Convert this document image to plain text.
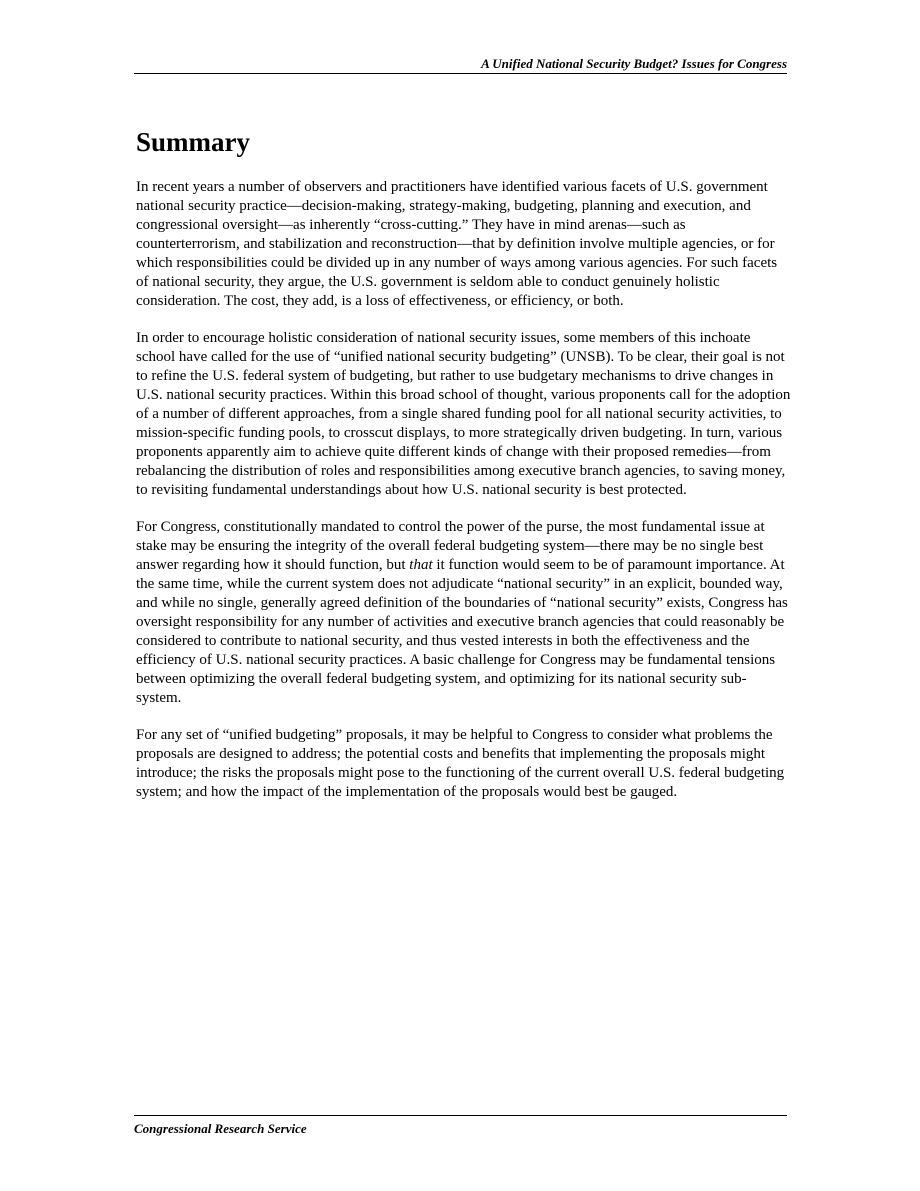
A Unified National Security Budget? Issues for Congress
Summary

In recent years a number of observers and practitioners have identified various facets of U.S. government national security practice—decision-making, strategy-making, budgeting, planning and execution, and congressional oversight—as inherently “cross-cutting.” They have in mind arenas—such as counterterrorism, and stabilization and reconstruction—that by definition involve multiple agencies, or for which responsibilities could be divided up in any number of ways among various agencies. For such facets of national security, they argue, the U.S. government is seldom able to conduct genuinely holistic consideration. The cost, they add, is a loss of effectiveness, or efficiency, or both.

In order to encourage holistic consideration of national security issues, some members of this inchoate school have called for the use of “unified national security budgeting” (UNSB). To be clear, their goal is not to refine the U.S. federal system of budgeting, but rather to use budgetary mechanisms to drive changes in U.S. national security practices. Within this broad school of thought, various proponents call for the adoption of a number of different approaches, from a single shared funding pool for all national security activities, to mission-specific funding pools, to crosscut displays, to more strategically driven budgeting. In turn, various proponents apparently aim to achieve quite different kinds of change with their proposed remedies—from rebalancing the distribution of roles and responsibilities among executive branch agencies, to saving money, to revisiting fundamental understandings about how U.S. national security is best protected.

For Congress, constitutionally mandated to control the power of the purse, the most fundamental issue at stake may be ensuring the integrity of the overall federal budgeting system—there may be no single best answer regarding how it should function, but that it function would seem to be of paramount importance. At the same time, while the current system does not adjudicate “national security” in an explicit, bounded way, and while no single, generally agreed definition of the boundaries of “national security” exists, Congress has oversight responsibility for any number of activities and executive branch agencies that could reasonably be considered to contribute to national security, and thus vested interests in both the effectiveness and the efficiency of U.S. national security practices. A basic challenge for Congress may be fundamental tensions between optimizing the overall federal budgeting system, and optimizing for its national security sub-system.

For any set of “unified budgeting” proposals, it may be helpful to Congress to consider what problems the proposals are designed to address; the potential costs and benefits that implementing the proposals might introduce; the risks the proposals might pose to the functioning of the current overall U.S. federal budgeting system; and how the impact of the implementation of the proposals would best be gauged.

Congressional Research Service
